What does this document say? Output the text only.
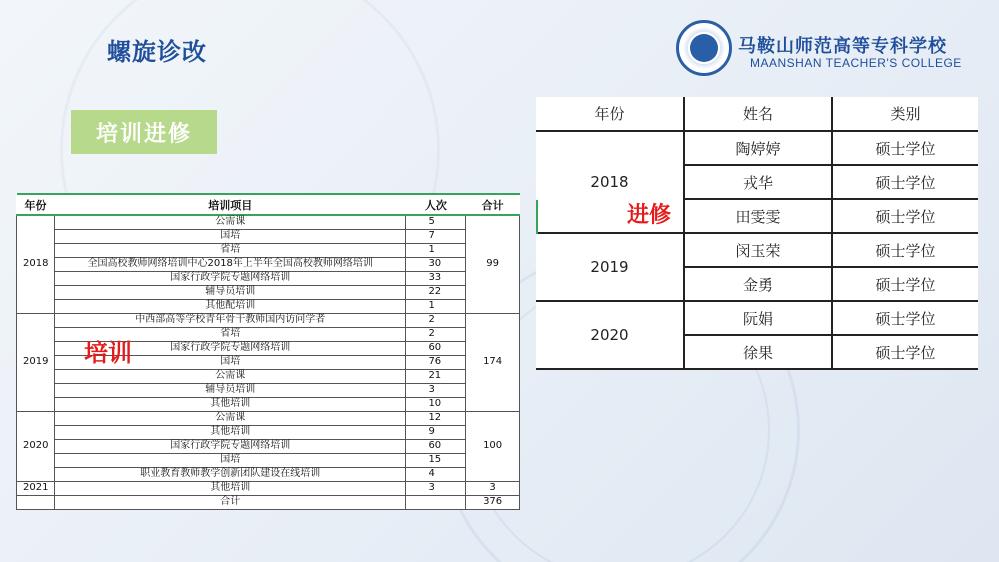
螺旋诊改
培训进修
马鞍山师范高等专科学校
MAANSHAN TEACHER'S COLLEGE
年份	培训项目	人次	合计
2018	公需课	5	99
	国培	7	
	省培	1	
	全国高校教师网络培训中心2018年上半年全国高校教师网络培训	30	
	国家行政学院专题网络培训	33	
	辅导员培训	22	
	其他配培训	1	
2019	中西部高等学校青年骨干教师国内访问学者	2	174
	省培	2	
	国家行政学院专题网络培训	60	
	国培	76	
	公需课	21	
	辅导员培训	3	
	其他培训	10	
2020	公需课	12	100
	其他培训	9	
	国家行政学院专题网络培训	60	
	国培	15	
	职业教育教师教学创新团队建设在线培训	4	
2021	其他培训	3	3
	合计		376
培训
年份	姓名	类别
2018	陶婷婷	硕士学位
	戎华	硕士学位
	田雯雯	硕士学位
2019	闵玉荣	硕士学位
	金勇	硕士学位
2020	阮娟	硕士学位
	徐果	硕士学位
进修
